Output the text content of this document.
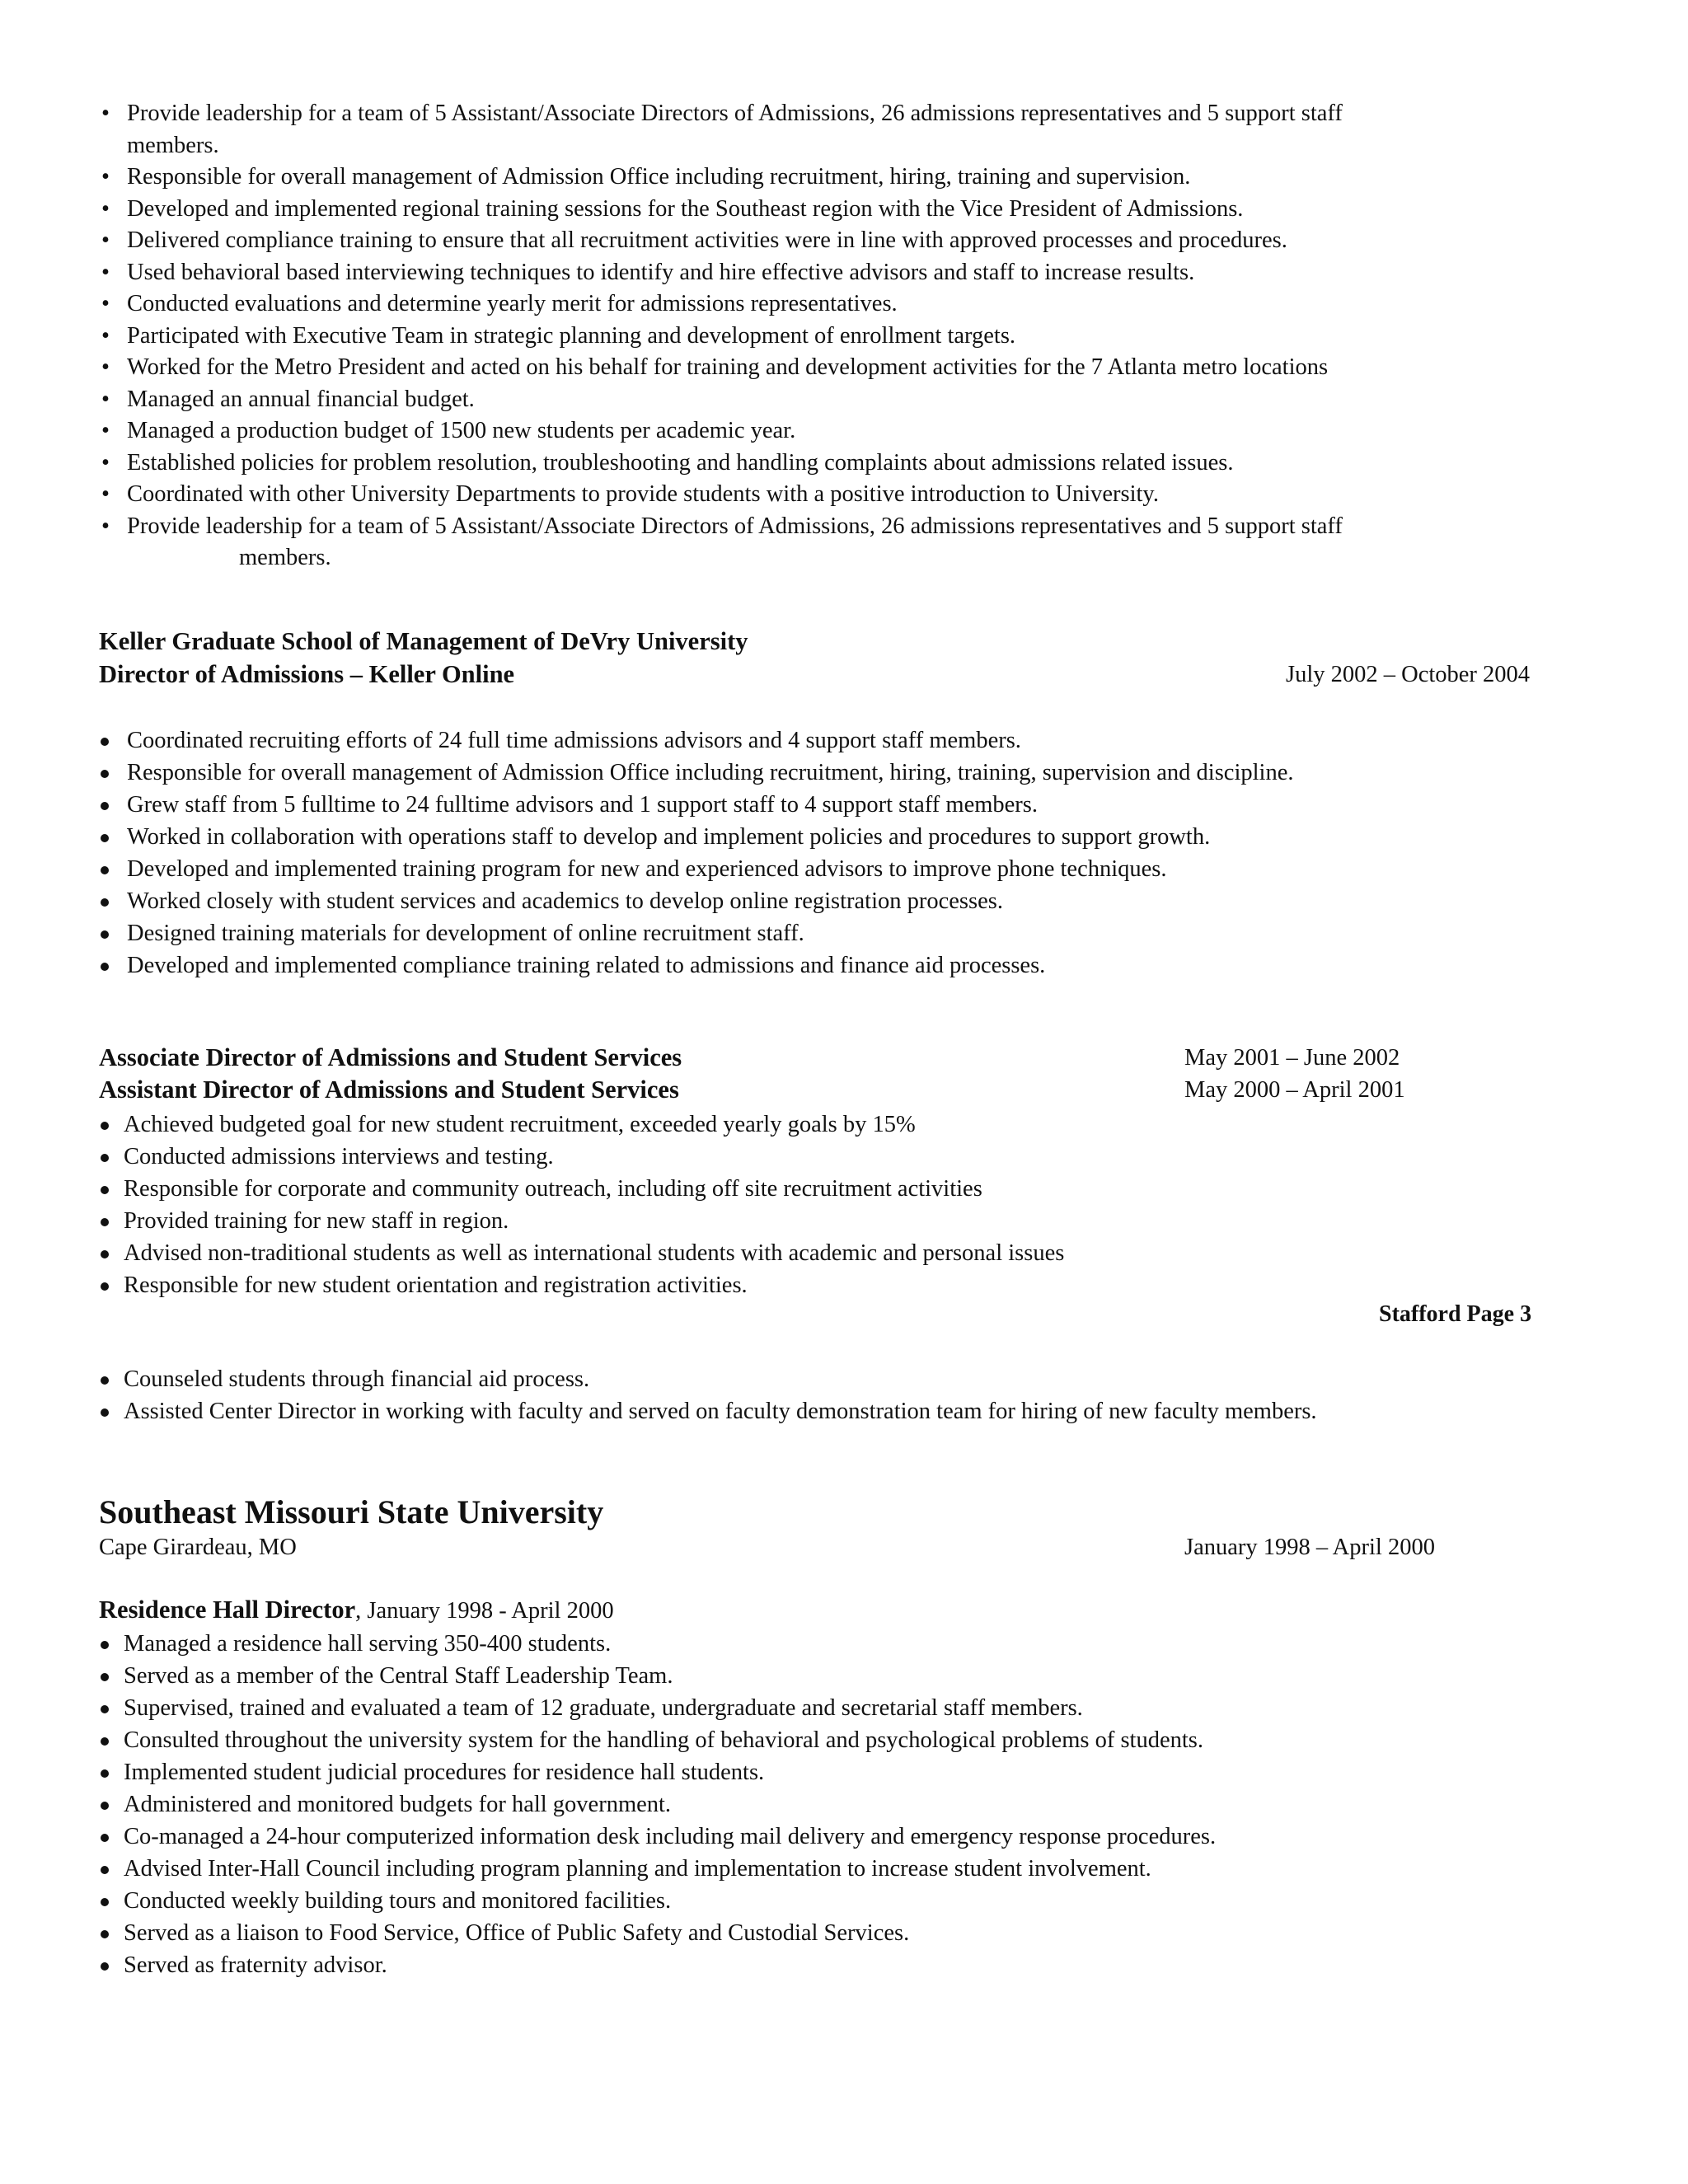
• Provide leadership for a team of 5 Assistant/Associate Directors of Admissions, 26 admissions representatives and 5 support staff
members.
• Responsible for overall management of Admission Office including recruitment, hiring, training and supervision.
• Developed and implemented regional training sessions for the Southeast region with the Vice President of Admissions.
• Delivered compliance training to ensure that all recruitment activities were in line with approved processes and procedures.
• Used behavioral based interviewing techniques to identify and hire effective advisors and staff to increase results.
• Conducted evaluations and determine yearly merit for admissions representatives.
• Participated with Executive Team in strategic planning and development of enrollment targets.
• Worked for the Metro President and acted on his behalf for training and development activities for the 7 Atlanta metro locations
• Managed an annual financial budget.
• Managed a production budget of 1500 new students per academic year.
• Established policies for problem resolution, troubleshooting and handling complaints about admissions related issues.
• Coordinated with other University Departments to provide students with a positive introduction to University.
• Provide leadership for a team of 5 Assistant/Associate Directors of Admissions, 26 admissions representatives and 5 support staff
members.
Keller Graduate School of Management of DeVry University
Director of Admissions – Keller Online	July 2002 – October 2004
Coordinated recruiting efforts of 24 full time admissions advisors and 4 support staff members.
Responsible for overall management of Admission Office including recruitment, hiring, training, supervision and discipline.
Grew staff from 5 fulltime to 24 fulltime advisors and 1 support staff to 4 support staff members.
Worked in collaboration with operations staff to develop and implement policies and procedures to support growth.
Developed and implemented training program for new and experienced advisors to improve phone techniques.
Worked closely with student services and academics to develop online registration processes.
Designed training materials for development of online recruitment staff.
Developed and implemented compliance training related to admissions and finance aid processes.
Associate Director of Admissions and Student Services	May 2001 – June 2002
Assistant Director of Admissions and Student Services	May 2000 – April 2001
Achieved budgeted goal for new student recruitment, exceeded yearly goals by 15%
Conducted admissions interviews and testing.
Responsible for corporate and community outreach, including off site recruitment activities
Provided training for new staff in region.
Advised non-traditional students as well as international students with academic and personal issues
Responsible for new student orientation and registration activities.
Stafford Page 3
Counseled students through financial aid process.
Assisted Center Director in working with faculty and served on faculty demonstration team for hiring of new faculty members.
Southeast Missouri State University
Cape Girardeau, MO	January 1998 – April 2000
Residence Hall Director, January 1998 - April 2000
Managed a residence hall serving 350-400 students.
Served as a member of the Central Staff Leadership Team.
Supervised, trained and evaluated a team of 12 graduate, undergraduate and secretarial staff members.
Consulted throughout the university system for the handling of behavioral and psychological problems of students.
Implemented student judicial procedures for residence hall students.
Administered and monitored budgets for hall government.
Co-managed a 24-hour computerized information desk including mail delivery and emergency response procedures.
Advised Inter-Hall Council including program planning and implementation to increase student involvement.
Conducted weekly building tours and monitored facilities.
Served as a liaison to Food Service, Office of Public Safety and Custodial Services.
Served as fraternity advisor.
